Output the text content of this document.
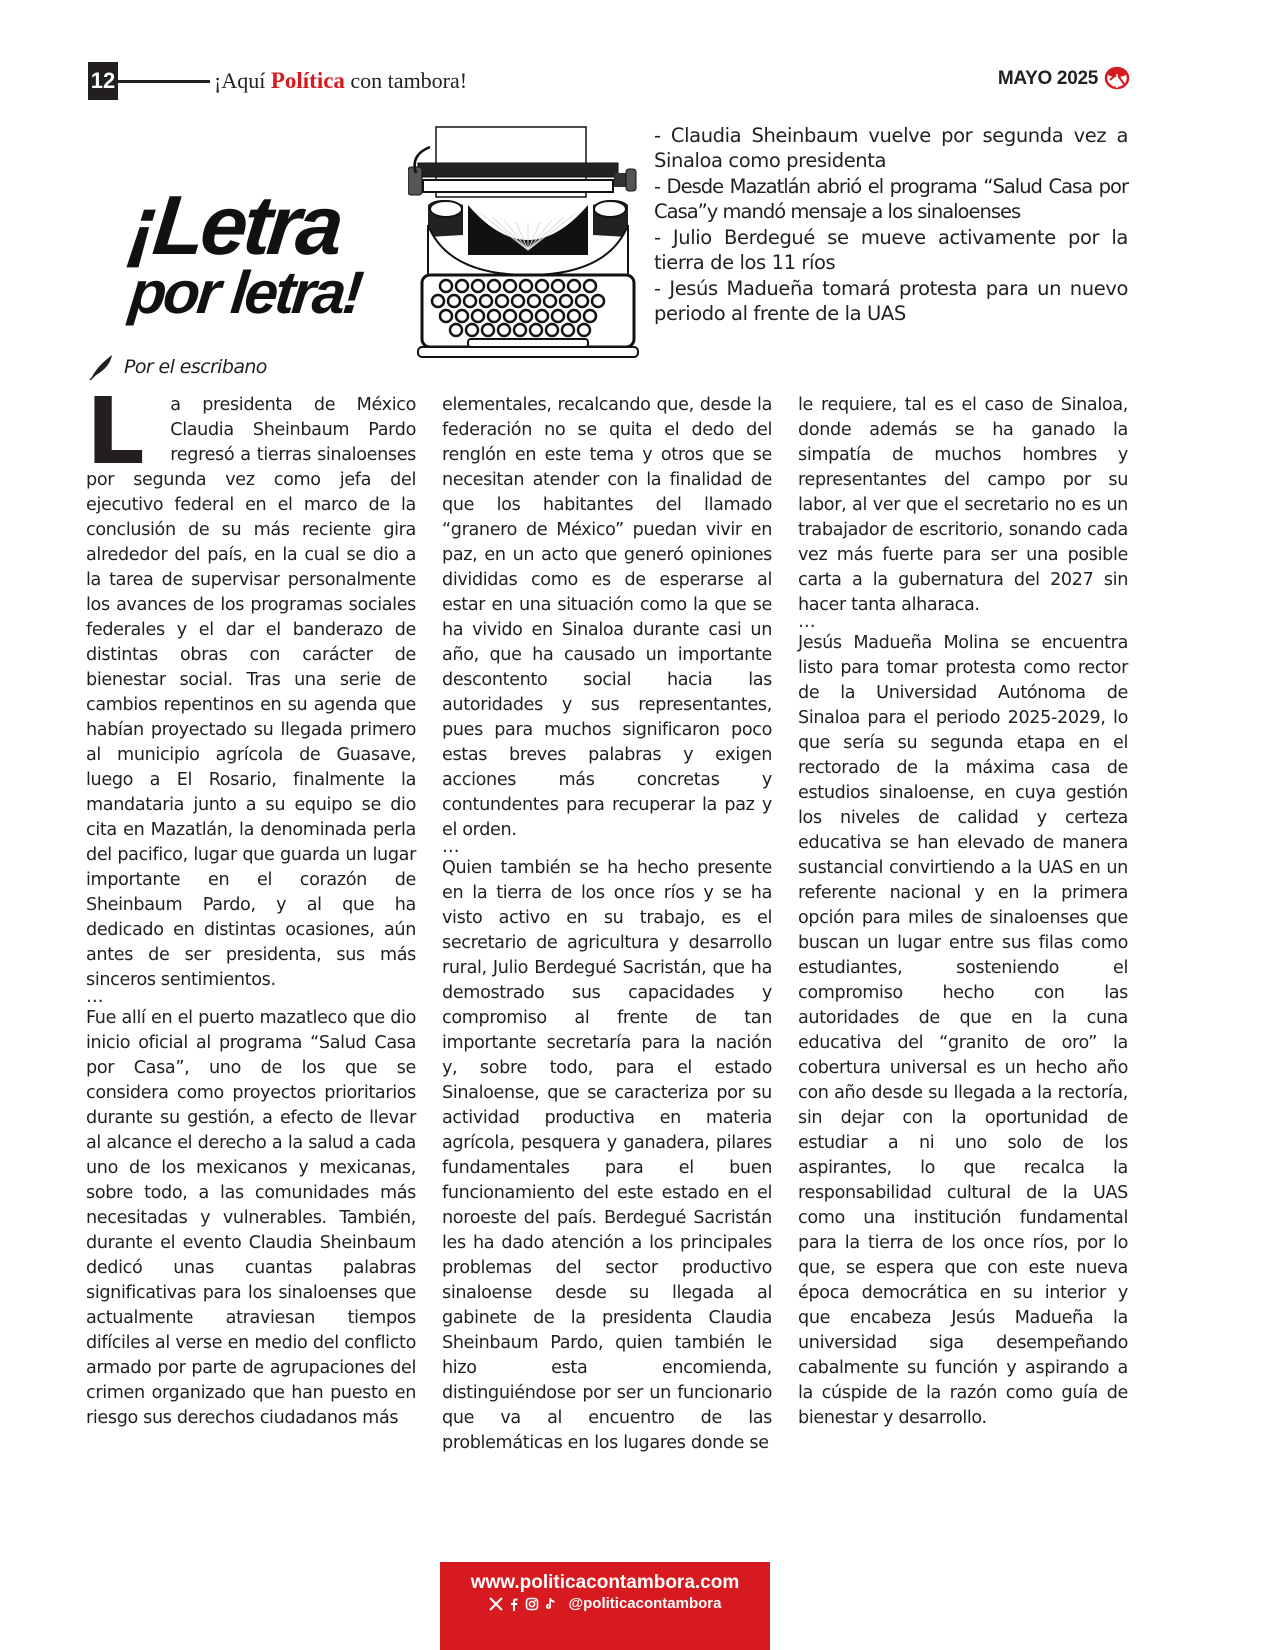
12	¡Aquí Política con tambora!	MAYO 2025
¡Letra
por letra!
Por el escribano

- Claudia Sheinbaum vuelve por segunda vez a Sinaloa como presidenta

- Desde Mazatlán abrió el programa “Salud Casa por Casa”y mandó mensaje a los sinaloenses

- Julio Berdegué se mueve activamente por la tierra de los 11 ríos

- Jesús Madueña tomará protesta para un nuevo periodo al frente de la UAS

L a presidenta de México Claudia Sheinbaum Pardo regresó a tierras sinaloenses por segunda vez como jefa del ejecutivo federal en el marco de la conclusión de su más reciente gira alrededor del país, en la cual se dio a la tarea de supervisar personalmente los avances de los programas sociales federales y el dar el banderazo de distintas obras con carácter de bienestar social. Tras una serie de cambios repentinos en su agenda que habían proyectado su llegada primero al municipio agrícola de Guasave, luego a El Rosario, finalmente la mandataria junto a su equipo se dio cita en Mazatlán, la denominada perla del pacifico, lugar que guarda un lugar importante en el corazón de Sheinbaum Pardo, y al que ha dedicado en distintas ocasiones, aún antes de ser presidenta, sus más sinceros sentimientos.

…

Fue allí en el puerto mazatleco que dio inicio oficial al programa “Salud Casa por Casa”, uno de los que se considera como proyectos prioritarios durante su gestión, a efecto de llevar al alcance el derecho a la salud a cada uno de los mexicanos y mexicanas, sobre todo, a las comunidades más necesitadas y vulnerables. También, durante el evento Claudia Sheinbaum dedicó unas cuantas palabras significativas para los sinaloenses que actualmente atraviesan tiempos difíciles al verse en medio del conflicto armado por parte de agrupaciones del crimen organizado que han puesto en riesgo sus derechos ciudadanos más

elementales, recalcando que, desde la federación no se quita el dedo del renglón en este tema y otros que se necesitan atender con la finalidad de que los habitantes del llamado “granero de México” puedan vivir en paz, en un acto que generó opiniones divididas como es de esperarse al estar en una situación como la que se ha vivido en Sinaloa durante casi un año, que ha causado un importante descontento social hacia las autoridades y sus representantes, pues para muchos significaron poco estas breves palabras y exigen acciones más concretas y contundentes para recuperar la paz y el orden.

…

Quien también se ha hecho presente en la tierra de los once ríos y se ha visto activo en su trabajo, es el secretario de agricultura y desarrollo rural, Julio Berdegué Sacristán, que ha demostrado sus capacidades y compromiso al frente de tan importante secretaría para la nación y, sobre todo, para el estado Sinaloense, que se caracteriza por su actividad productiva en materia agrícola, pesquera y ganadera, pilares fundamentales para el buen funcionamiento del este estado en el noroeste del país. Berdegué Sacristán les ha dado atención a los principales problemas del sector productivo sinaloense desde su llegada al gabinete de la presidenta Claudia Sheinbaum Pardo, quien también le hizo esta encomienda, distinguiéndose por ser un funcionario que va al encuentro de las problemáticas en los lugares donde se

le requiere, tal es el caso de Sinaloa, donde además se ha ganado la simpatía de muchos hombres y representantes del campo por su labor, al ver que el secretario no es un trabajador de escritorio, sonando cada vez más fuerte para ser una posible carta a la gubernatura del 2027 sin hacer tanta alharaca.

…

Jesús Madueña Molina se encuentra listo para tomar protesta como rector de la Universidad Autónoma de Sinaloa para el periodo 2025-2029, lo que sería su segunda etapa en el rectorado de la máxima casa de estudios sinaloense, en cuya gestión los niveles de calidad y certeza educativa se han elevado de manera sustancial convirtiendo a la UAS en un referente nacional y en la primera opción para miles de sinaloenses que buscan un lugar entre sus filas como estudiantes, sosteniendo el compromiso hecho con las autoridades de que en la cuna educativa del “granito de oro” la cobertura universal es un hecho año con año desde su llegada a la rectoría, sin dejar con la oportunidad de estudiar a ni uno solo de los aspirantes, lo que recalca la responsabilidad cultural de la UAS como una institución fundamental para la tierra de los once ríos, por lo que, se espera que con este nueva época democrática en su interior y que encabeza Jesús Madueña la universidad siga desempeñando cabalmente su función y aspirando a la cúspide de la razón como guía de bienestar y desarrollo.

www.politicacontambora.com
@politicacontambora
